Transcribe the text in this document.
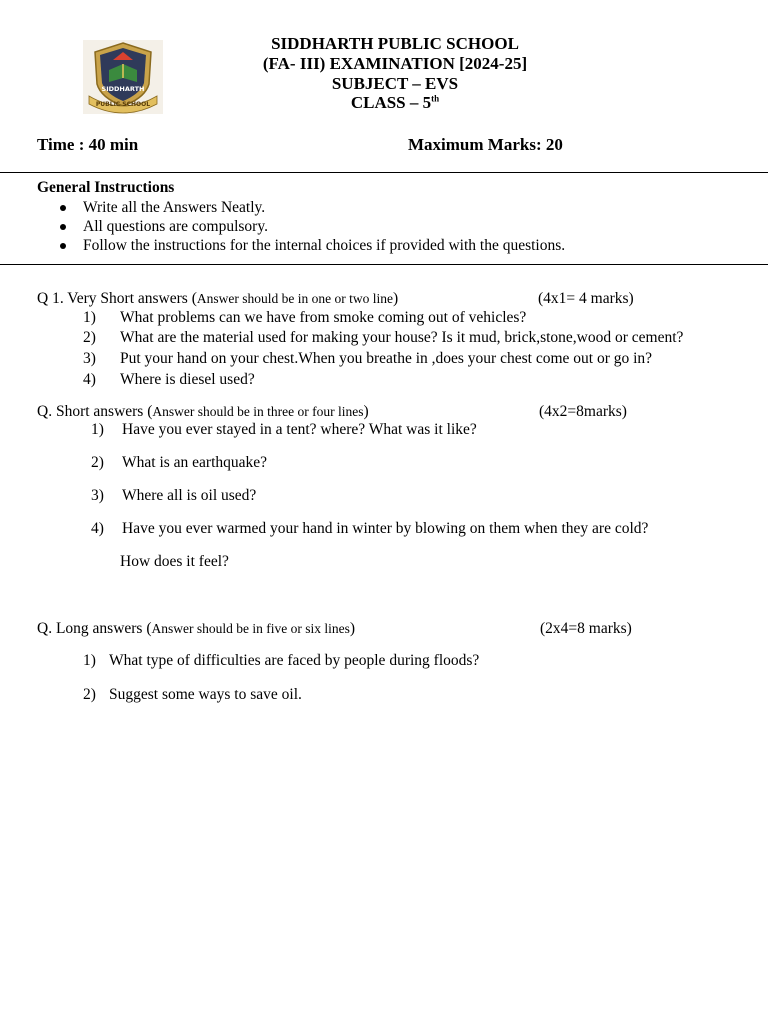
SIDDHARTH
PUBLIC SCHOOL
SIDDHARTH PUBLIC SCHOOL
(FA- III) EXAMINATION [2024-25]
SUBJECT – EVS
CLASS – 5th
Time : 40 min	Maximum Marks: 20
General Instructions
Write all the Answers Neatly.
All questions are compulsory.
Follow the instructions for the internal choices if provided with the questions.
Q 1. Very Short answers (Answer should be in one or two line)	(4x1= 4 marks)
1) What problems can we have from smoke coming out of vehicles?
2) What are the material used for making your house? Is it mud, brick,stone,wood or cement?
3) Put your hand on your chest.When you breathe in ,does your chest come out or go in?
4) Where is diesel used?
Q. Short answers (Answer should be in three or four lines)	(4x2=8marks)
1) Have you ever stayed in a tent? where? What was it like?
2) What is an earthquake?
3) Where all is oil used?
4) Have you ever warmed your hand in winter by blowing on them when they are cold?
How does it feel?
Q. Long answers (Answer should be in five or six lines)	(2x4=8 marks)
1) What type of difficulties are faced by people during floods?
2) Suggest some ways to save oil.
